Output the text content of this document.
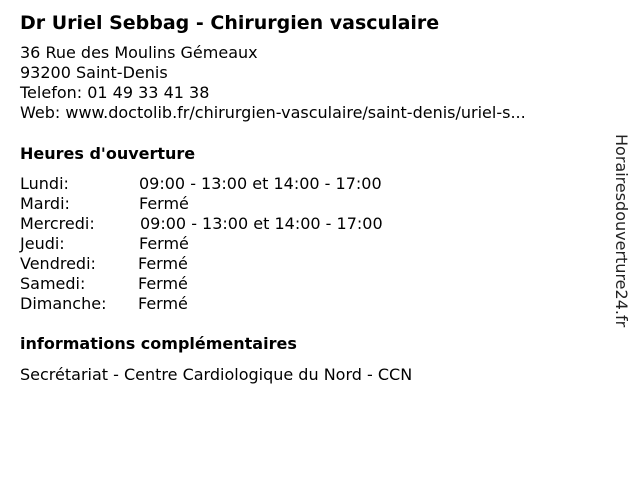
Dr Uriel Sebbag - Chirurgien vasculaire
36 Rue des Moulins Gémeaux
93200 Saint-Denis
Telefon: 01 49 33 41 38
Web: www.doctolib.fr/chirurgien-vasculaire/saint-denis/uriel-s...
Heures d'ouverture
Lundi:	09:00 - 13:00 et 14:00 - 17:00
Mardi:	Fermé
Mercredi:	09:00 - 13:00 et 14:00 - 17:00
Jeudi:	Fermé
Vendredi:	Fermé
Samedi:	Fermé
Dimanche: Fermé
informations complémentaires
Secrétariat - Centre Cardiologique du Nord - CCN
Horairesdouverture24.fr
